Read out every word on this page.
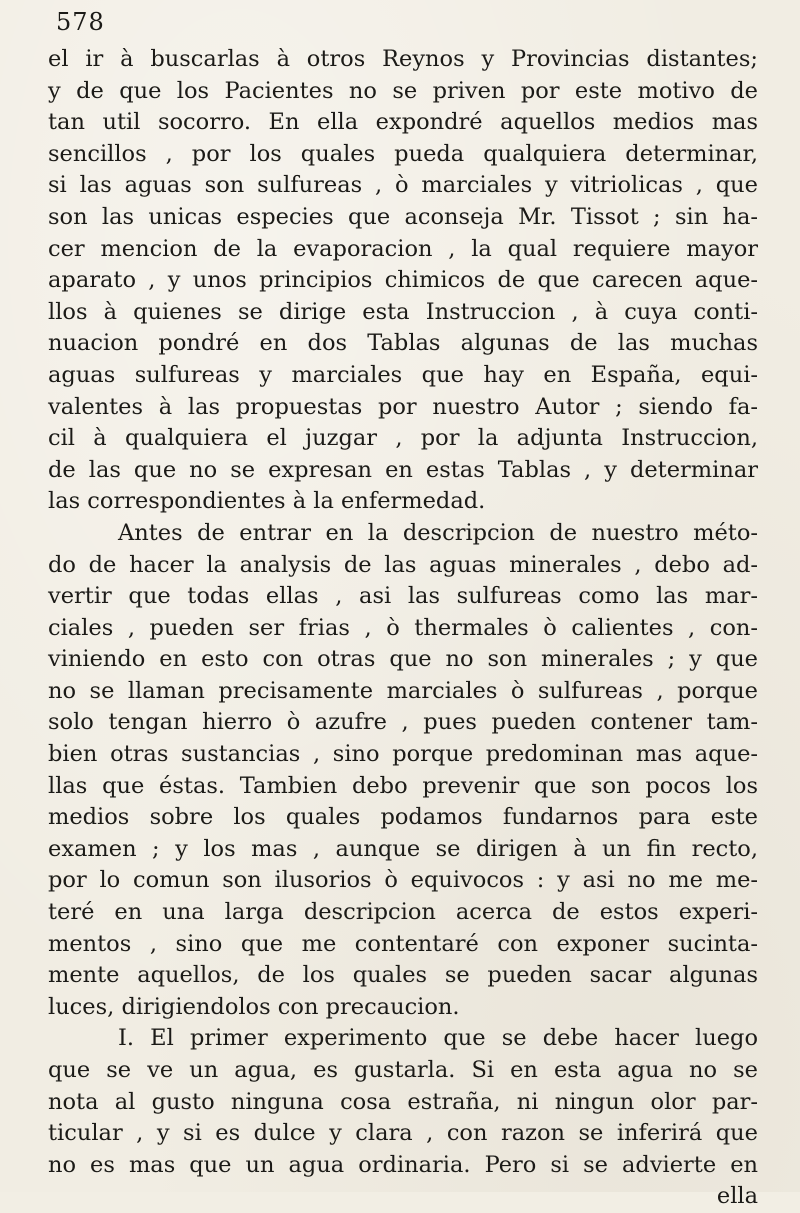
578
el ir à buscarlas à otros Reynos y Provincias distantes;
y de que los Pacientes no se priven por este motivo de
tan util socorro. En ella expondré aquellos medios mas
sencillos , por los quales pueda qualquiera determinar,
si las aguas son sulfureas , ò marciales y vitriolicas , que
son las unicas especies que aconseja Mr. Tissot ; sin ha-
cer mencion de la evaporacion , la qual requiere mayor
aparato , y unos principios chimicos de que carecen aque-
llos à quienes se dirige esta Instruccion , à cuya conti-
nuacion pondré en dos Tablas algunas de las muchas
aguas sulfureas y marciales que hay en España, equi-
valentes à las propuestas por nuestro Autor ; siendo fa-
cil à qualquiera el juzgar , por la adjunta Instruccion,
de las que no se expresan en estas Tablas , y determinar
las correspondientes à la enfermedad.
Antes de entrar en la descripcion de nuestro méto-
do de hacer la analysis de las aguas minerales , debo ad-
vertir que todas ellas , asi las sulfureas como las mar-
ciales , pueden ser frias , ò thermales ò calientes , con-
viniendo en esto con otras que no son minerales ; y que
no se llaman precisamente marciales ò sulfureas , porque
solo tengan hierro ò azufre , pues pueden contener tam-
bien otras sustancias , sino porque predominan mas aque-
llas que éstas. Tambien debo prevenir que son pocos los
medios sobre los quales podamos fundarnos para este
examen ; y los mas , aunque se dirigen à un fin recto,
por lo comun son ilusorios ò equivocos : y asi no me me-
teré en una larga descripcion acerca de estos experi-
mentos , sino que me contentaré con exponer sucinta-
mente aquellos, de los quales se pueden sacar algunas
luces, dirigiendolos con precaucion.
I. El primer experimento que se debe hacer luego
que se ve un agua, es gustarla. Si en esta agua no se
nota al gusto ninguna cosa estraña, ni ningun olor par-
ticular , y si es dulce y clara , con razon se inferirá que
no es mas que un agua ordinaria. Pero si se advierte en
ella
